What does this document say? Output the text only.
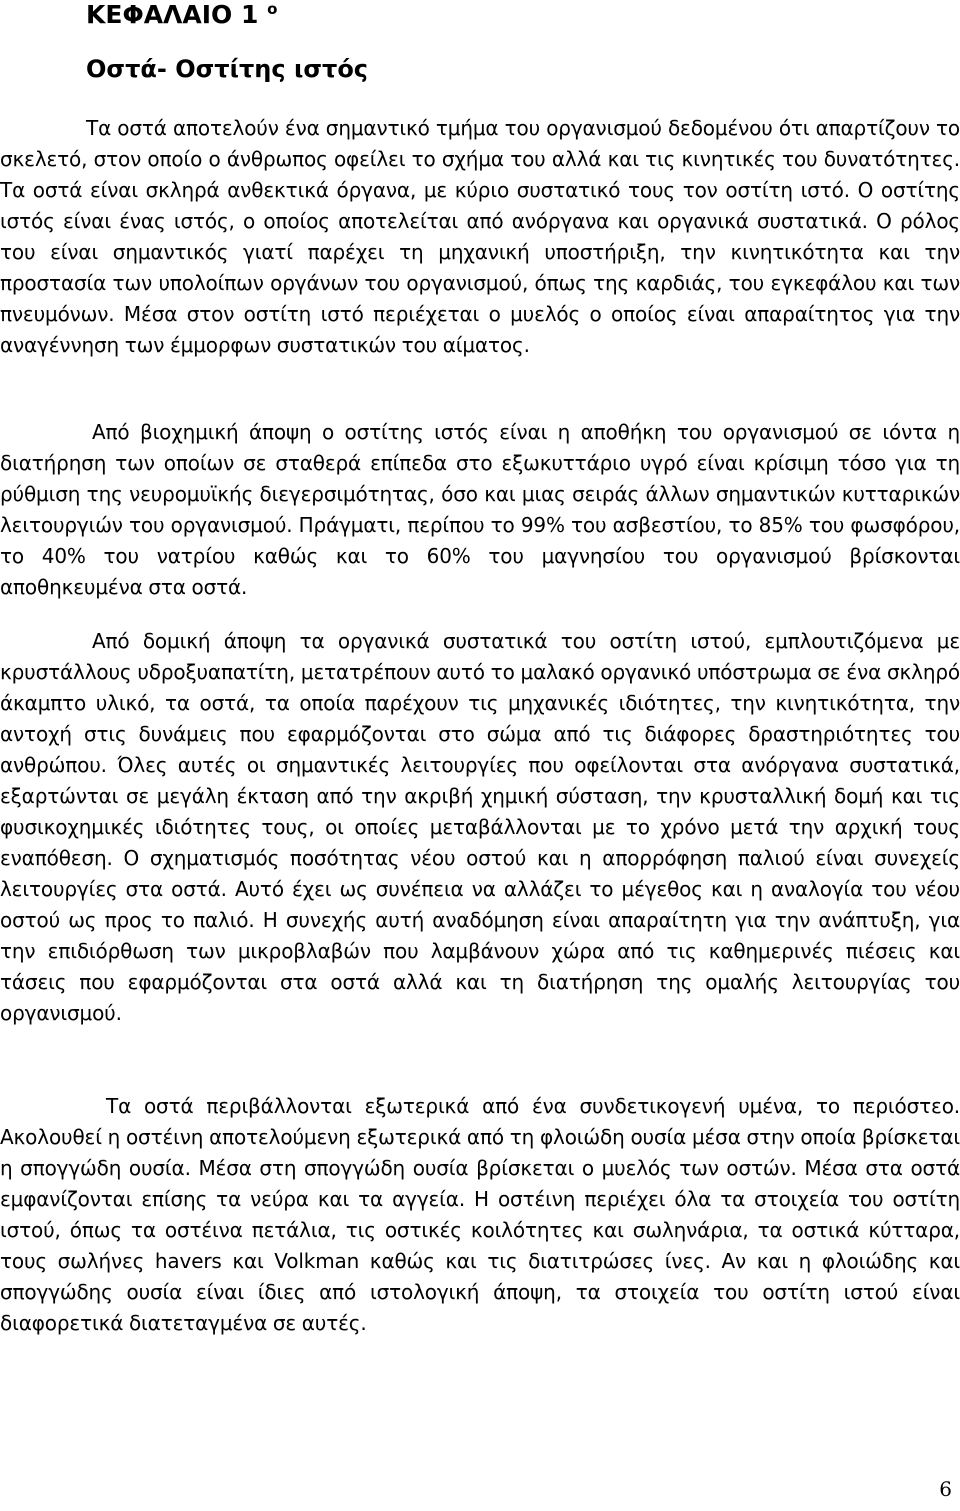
ΚΕΦΑΛΑΙΟ 1 $^o$
Οστά- Οστίτης ιστός

Τα οστά αποτελούν ένα σημαντικό τμήμα του οργανισμού δεδομένου ότι απαρτίζουν το σκελετό, στον οποίο ο άνθρωπος οφείλει το σχήμα του αλλά και τις κινητικές του δυνατότητες. Τα οστά είναι σκληρά ανθεκτικά όργανα, με κύριο συστατικό τους τον οστίτη ιστό. Ο οστίτης ιστός είναι ένας ιστός, ο οποίος αποτελείται από ανόργανα και οργανικά συστατικά. Ο ρόλος του είναι σημαντικός γιατί παρέχει τη μηχανική υποστήριξη, την κινητικότητα και την προστασία των υπολοίπων οργάνων του οργανισμού, όπως της καρδιάς, του εγκεφάλου και των πνευμόνων. Μέσα στον οστίτη ιστό περιέχεται ο μυελός ο οποίος είναι απαραίτητος για την αναγέννηση των έμμορφων συστατικών του αίματος.

Από βιοχημική άποψη ο οστίτης ιστός είναι η αποθήκη του οργανισμού σε ιόντα η διατήρηση των οποίων σε σταθερά επίπεδα στο εξωκυττάριο υγρό είναι κρίσιμη τόσο για τη ρύθμιση της νευρομυϊκής διεγερσιμότητας, όσο και μιας σειράς άλλων σημαντικών κυτταρικών λειτουργιών του οργανισμού. Πράγματι, περίπου το 99% του ασβεστίου, το 85% του φωσφόρου, το 40% του νατρίου καθώς και το 60% του μαγνησίου του οργανισμού βρίσκονται αποθηκευμένα στα οστά.

Από δομική άποψη τα οργανικά συστατικά του οστίτη ιστού, εμπλουτιζόμενα με κρυστάλλους υδροξυαπατίτη, μετατρέπουν αυτό το μαλακό οργανικό υπόστρωμα σε ένα σκληρό άκαμπτο υλικό, τα οστά, τα οποία παρέχουν τις μηχανικές ιδιότητες, την κινητικότητα, την αντοχή στις δυνάμεις που εφαρμόζονται στο σώμα από τις διάφορες δραστηριότητες του ανθρώπου. Όλες αυτές οι σημαντικές λειτουργίες που οφείλονται στα ανόργανα συστατικά, εξαρτώνται σε μεγάλη έκταση από την ακριβή χημική σύσταση, την κρυσταλλική δομή και τις φυσικοχημικές ιδιότητες τους, οι οποίες μεταβάλλονται με το χρόνο μετά την αρχική τους εναπόθεση. Ο σχηματισμός ποσότητας νέου οστού και η απορρόφηση παλιού είναι συνεχείς λειτουργίες στα οστά. Αυτό έχει ως συνέπεια να αλλάζει το μέγεθος και η αναλογία του νέου οστού ως προς το παλιό. Η συνεχής αυτή αναδόμηση είναι απαραίτητη για την ανάπτυξη, για την επιδιόρθωση των μικροβλαβών που λαμβάνουν χώρα από τις καθημερινές πιέσεις και τάσεις που εφαρμόζονται στα οστά αλλά και τη διατήρηση της ομαλής λειτουργίας του οργανισμού.

Τα οστά περιβάλλονται εξωτερικά από ένα συνδετικογενή υμένα, το περιόστεο. Ακολουθεί η οστέινη αποτελούμενη εξωτερικά από τη φλοιώδη ουσία μέσα στην οποία βρίσκεται η σπογγώδη ουσία. Μέσα στη σπογγώδη ουσία βρίσκεται ο μυελός των οστών. Μέσα στα οστά εμφανίζονται επίσης τα νεύρα και τα αγγεία. Η οστέινη περιέχει όλα τα στοιχεία του οστίτη ιστού, όπως τα οστέινα πετάλια, τις οστικές κοιλότητες και σωληνάρια, τα οστικά κύτταρα, τους σωλήνες havers και Volkman καθώς και τις διατιτρώσες ίνες. Αν και η φλοιώδης και σπογγώδης ουσία είναι ίδιες από ιστολογική άποψη, τα στοιχεία του οστίτη ιστού είναι διαφορετικά διατεταγμένα σε αυτές.

6
